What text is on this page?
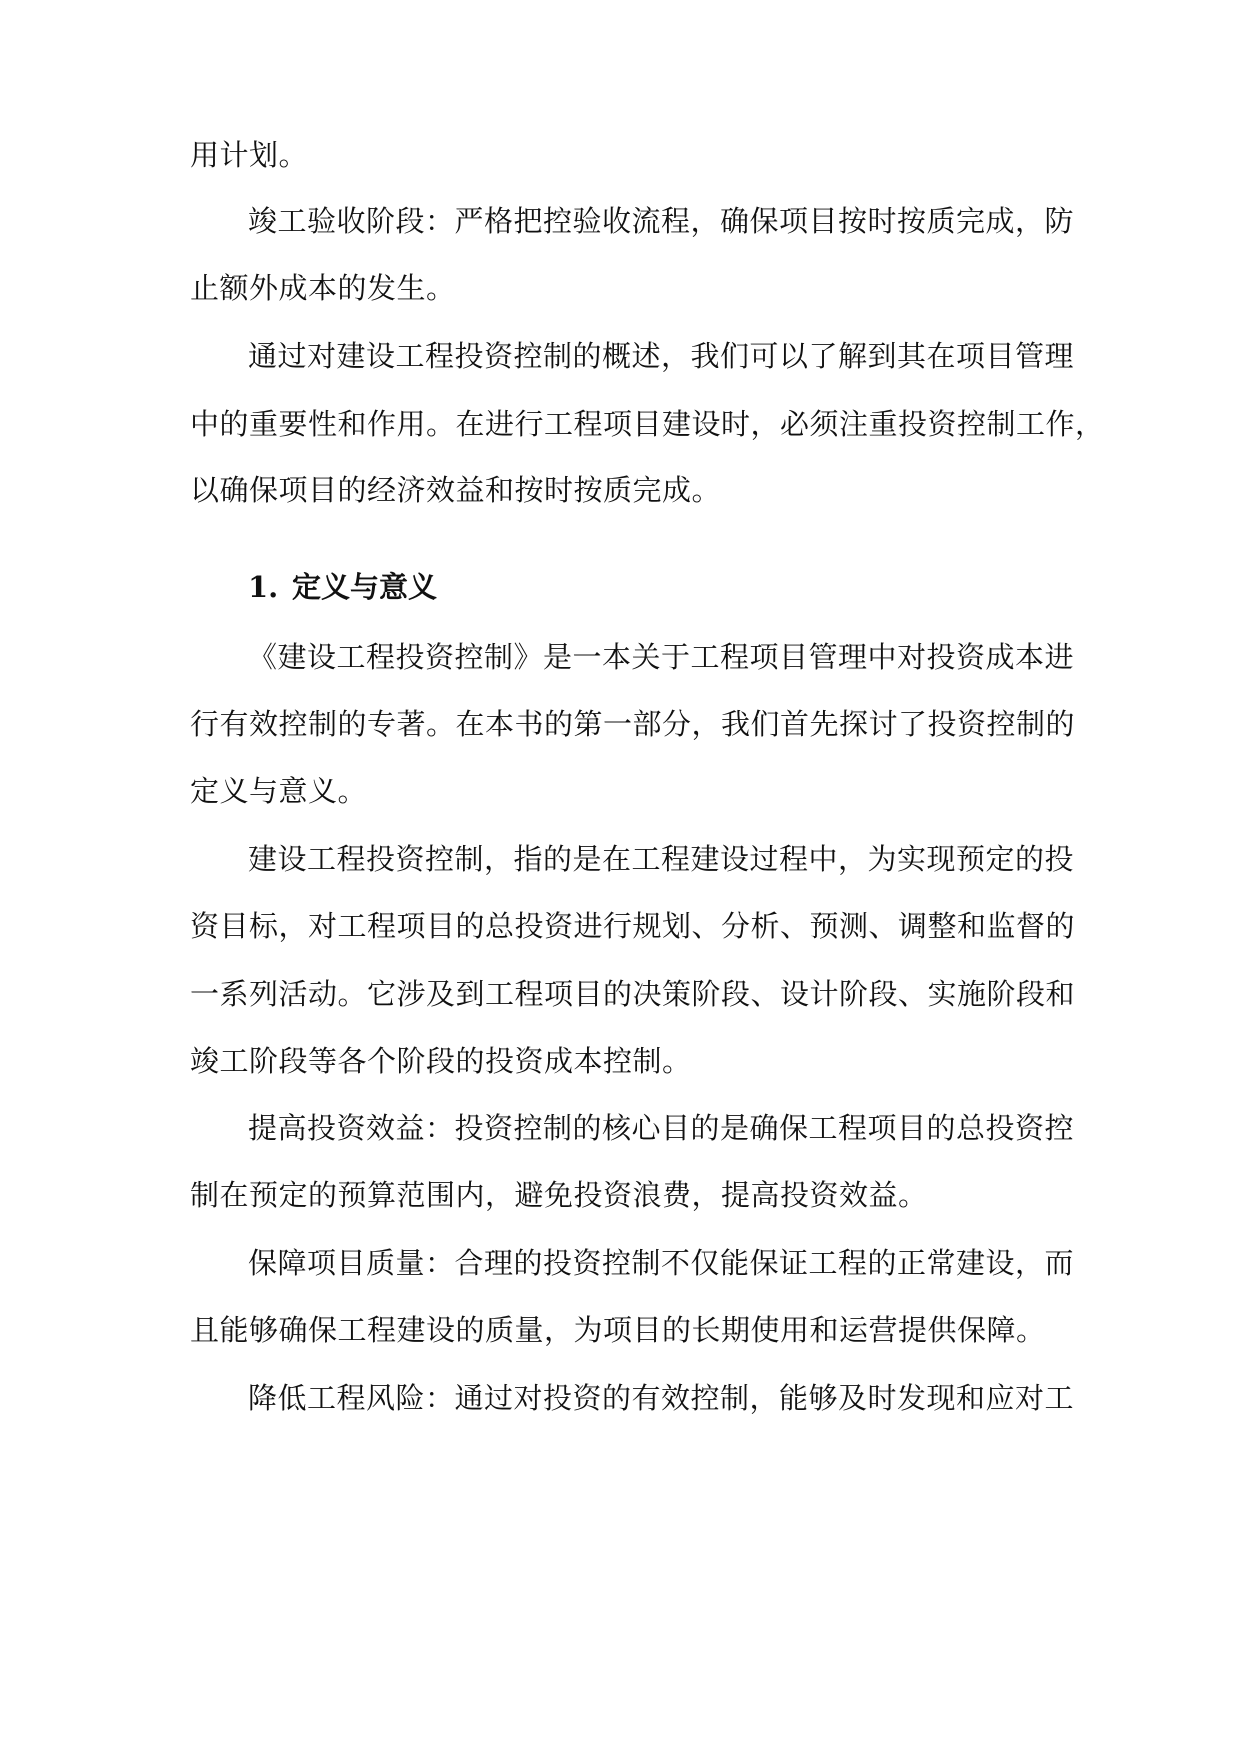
用计划。
竣工验收阶段：严格把控验收流程，确保项目按时按质完成，防
止额外成本的发生。
通过对建设工程投资控制的概述，我们可以了解到其在项目管理
中的重要性和作用。在进行工程项目建设时，必须注重投资控制工作，
以确保项目的经济效益和按时按质完成。
1. 定义与意义
《建设工程投资控制》是一本关于工程项目管理中对投资成本进
行有效控制的专著。在本书的第一部分，我们首先探讨了投资控制的
定义与意义。
建设工程投资控制，指的是在工程建设过程中，为实现预定的投
资目标，对工程项目的总投资进行规划、分析、预测、调整和监督的
一系列活动。它涉及到工程项目的决策阶段、设计阶段、实施阶段和
竣工阶段等各个阶段的投资成本控制。
提高投资效益：投资控制的核心目的是确保工程项目的总投资控
制在预定的预算范围内，避免投资浪费，提高投资效益。
保障项目质量：合理的投资控制不仅能保证工程的正常建设，而
且能够确保工程建设的质量，为项目的长期使用和运营提供保障。
降低工程风险：通过对投资的有效控制，能够及时发现和应对工
